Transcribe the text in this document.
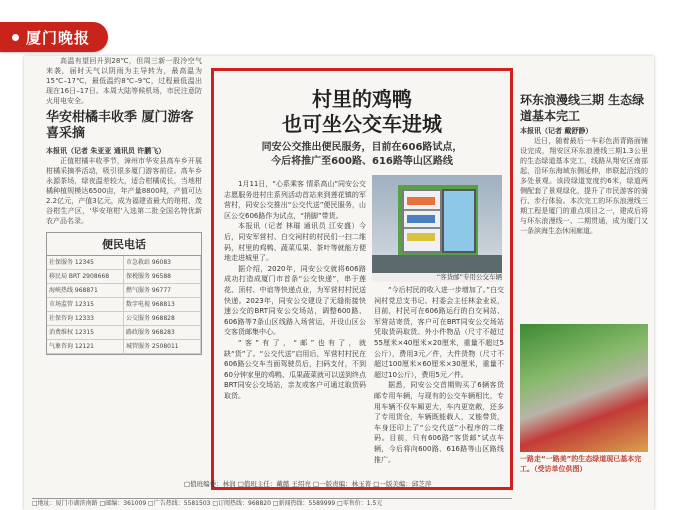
厦门晚报

高温有望回升到28℃，但周三新一股冷空气来袭，届时天气以阴雨为主导转为，最高温为15℃–17℃，最低温约8℃–9℃，过程最低温出现在16日–17日。本周大陆等候机场，市民注意防火用电安全。

华安柑橘丰收季 厦门游客喜采摘
本报讯（记者 朱亚亚 通讯员 许鹏飞）

正值柑橘丰收季节，漳州市华安县高车乡开展柑橘采摘季活动，吸引很多厦门游客前往。高车乡永源茶场，绿夜温差较大，适合柑橘成长，当地柑橘种植规模达6500亩，年产量8800吨，产值可达2.2亿元，产值3亿元，成为福建省最大的琯柑、茂谷柑生产区，'华安琯柑'入选第二批全国名特优新农产品名录。

便民电话
社保服务 12345	市急救站 96083
移民局 BRT 2908668	保税服务 96588
海峡热线 968871	燃气服务 96777
市场监管 12315	数字电视 968813
社保咨询 12333	公交服务 968828
消费维权 12315	路政服务 968283
气象咨询 12121	城管服务 2508011
村里的鸡鸭
也可坐公交车进城
同安公交推出便民服务，目前在606路试点，
今后将推广至600路、616路等山区路线
“客货邮”专用公交车辆

1月11日，“心系乘客 情系高山”同安公交志愿服务进村庄系列活动首站来到莲花镇的军营村，同安公交推出“公交代送”便民服务，山区公交606路作为试点，“捎脚”带货。

本报讯（记者 林璀 通讯员 江安盛）今后，同安军营村、白交祠村的村民们一扫二维码，村里的鸡鸭、蔬菜瓜果、茶叶等就能方便地走进城里了。

据介绍，2020年，同安公交就将606路成功打造成厦门市首条“公交快递”，串于莲花、顶村、中谊等快递点业，为军营村村民送快递。2023年，同安公交建设了无缝衔接快速公交的BRT同安公交场站，调整600路、606路等7条山区线路入场营运，开设山区公交客货邮集中心。

“客”有了，“邮”也有了，就缺“货”了。“公交代送”启用后，军营村村民在606路公交车当面驾驶员后，扫码支付，不到60分钟家里的鸡鸭、瓜果蔬菜就可以送到终点BRT同安公交场站，亲友或客户可通过取货码取货。

“今后村民的收入进一步增加了。”白交祠村党总支书记、村委会主任林金业说，目前，村民可在606路运行的白交祠站、军营站寄货，客户可在BRT同安公交场站凭取货码取货。外小件物品（尺寸不超过55厘米×40厘米×20厘米，重量不超过5公斤），费用3元／件，大件货物（尺寸不超过100厘米×60厘米×30厘米，重量不超过10公斤），费用5元／件。

据悉，同安公交首期购买了6辆客货邮专用车辆，与现有的公交车辆相比，专用车辆不仅车厢更大，车内更宽敞，还多了专用货仓，车辆既能载人，又能带货，车身还印上了“公交代送”小程序的二维码。目前，只有606路“客货邮”试点车辆，今后将向600路、616路等山区路线推广。

环东浪漫线三期 生态绿道基本完工
本报讯（记者 戴舒静）

近日，随着最后一车彩色沥青路面铺设完成，翔安区环东浪漫线三期1.3公里的生态绿道基本完工，线路从翔安区南部起，沿环东海域东侧延伸，串联起沿线的多处景观。该段绿道宽度约6米，绿道两侧配套了景观绿化，提升了市民游客的骑行、步行体验。本次完工的环东浪漫线三期工程是厦门的重点项目之一，建成后将与环东浪漫线一、二期贯通，成为厦门又一条滨海生态休闲廊道。

一路走“一路美”的生态绿道现已基本完工。（受访单位供图）
□值班编委：林润 □值班主任：戴懿 王绍亮 □一版责编：林玉菁 □一版美编：邱芝萍
□地址：厦门市湖滨南路 □邮编：361009 □广告热线：5581503 □订阅热线：968820 □新闻热线：5589999 □零售价：1.5元
